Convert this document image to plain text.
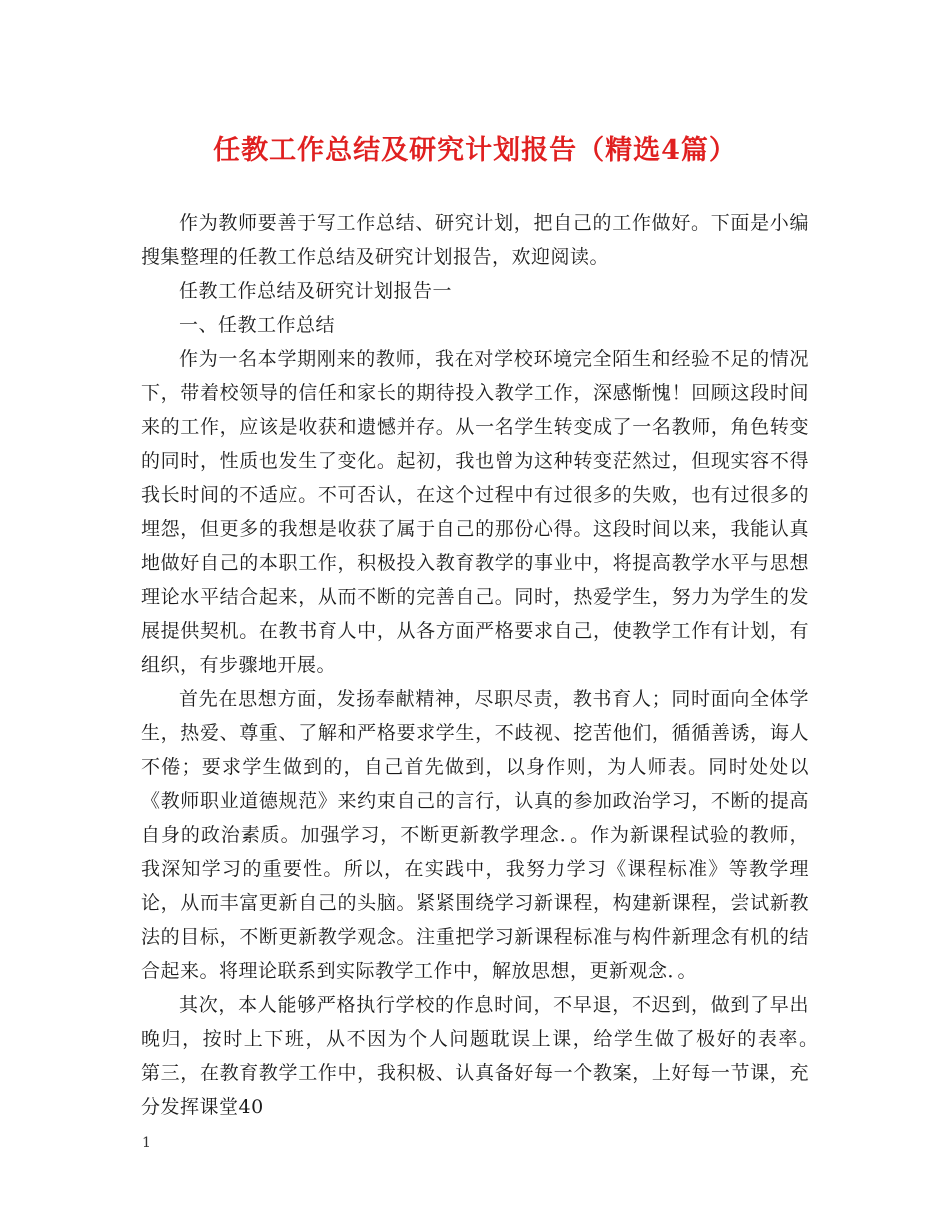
任教工作总结及研究计划报告（精选4篇）

作为教师要善于写工作总结、研究计划，把自己的工作做好。下面是小编搜集整理的任教工作总结及研究计划报告，欢迎阅读。

任教工作总结及研究计划报告一

一、任教工作总结

作为一名本学期刚来的教师，我在对学校环境完全陌生和经验不足的情况下，带着校领导的信任和家长的期待投入教学工作，深感惭愧！回顾这段时间来的工作，应该是收获和遗憾并存。从一名学生转变成了一名教师，角色转变的同时，性质也发生了变化。起初，我也曾为这种转变茫然过，但现实容不得我长时间的不适应。不可否认，在这个过程中有过很多的失败，也有过很多的埋怨，但更多的我想是收获了属于自己的那份心得。这段时间以来，我能认真地做好自己的本职工作，积极投入教育教学的事业中，将提高教学水平与思想理论水平结合起来，从而不断的完善自己。同时，热爱学生，努力为学生的发展提供契机。在教书育人中，从各方面严格要求自己，使教学工作有计划，有组织，有步骤地开展。

首先在思想方面，发扬奉献精神，尽职尽责，教书育人；同时面向全体学生，热爱、尊重、了解和严格要求学生，不歧视、挖苦他们，循循善诱，诲人不倦；要求学生做到的，自己首先做到，以身作则，为人师表。同时处处以《教师职业道德规范》来约束自己的言行，认真的参加政治学习，不断的提高自身的政治素质。加强学习，不断更新教学理念．。作为新课程试验的教师，我深知学习的重要性。所以，在实践中，我努力学习《课程标准》等教学理论，从而丰富更新自己的头脑。紧紧围绕学习新课程，构建新课程，尝试新教法的目标，不断更新教学观念。注重把学习新课程标准与构件新理念有机的结合起来。将理论联系到实际教学工作中，解放思想，更新观念．。

其次，本人能够严格执行学校的作息时间，不早退，不迟到，做到了早出晚归，按时上下班，从不因为个人问题耽误上课，给学生做了极好的表率。　第三，在教育教学工作中，我积极、认真备好每一个教案，上好每一节课，充分发挥课堂40

1
